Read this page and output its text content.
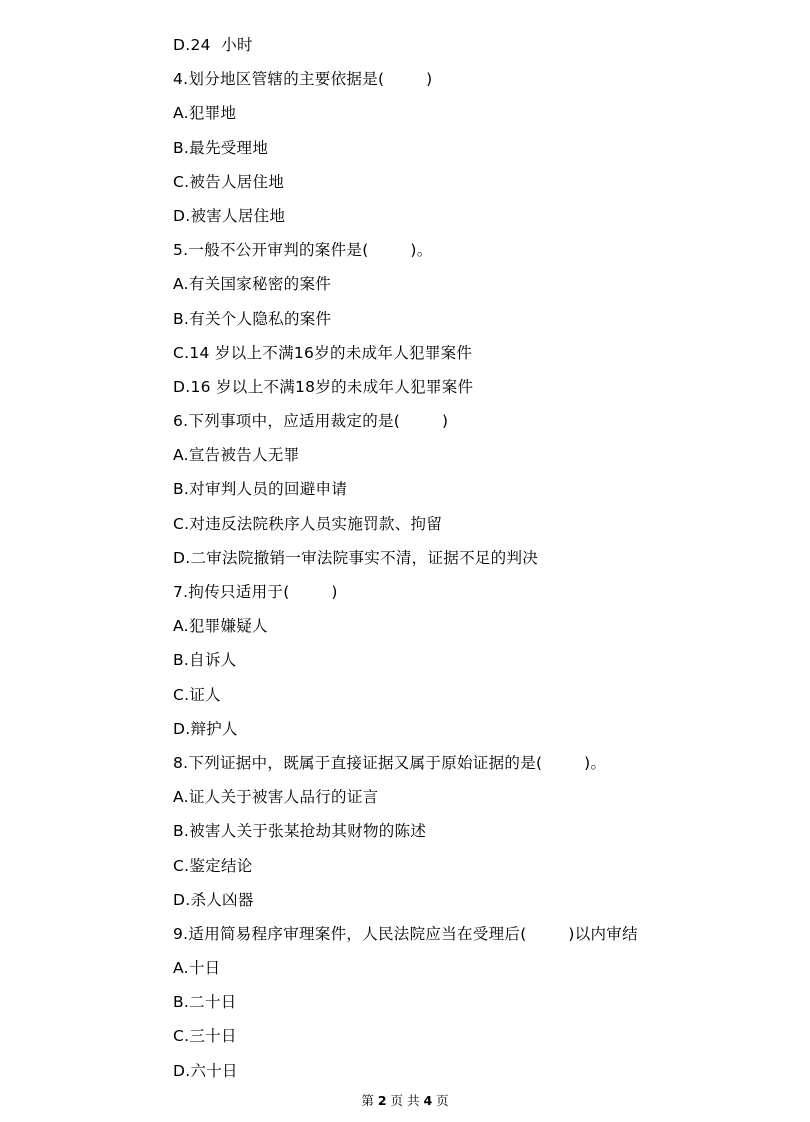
D.24  小时
4.划分地区管辖的主要依据是(        )
A.犯罪地
B.最先受理地
C.被告人居住地
D.被害人居住地
5.一般不公开审判的案件是(        )。
A.有关国家秘密的案件
B.有关个人隐私的案件
C.14 岁以上不满16岁的未成年人犯罪案件
D.16 岁以上不满18岁的未成年人犯罪案件
6.下列事项中，应适用裁定的是(        )
A.宣告被告人无罪
B.对审判人员的回避申请
C.对违反法院秩序人员实施罚款、拘留
D.二审法院撤销一审法院事实不清，证据不足的判决
7.拘传只适用于(        )
A.犯罪嫌疑人
B.自诉人
C.证人
D.辩护人
8.下列证据中，既属于直接证据又属于原始证据的是(        )。
A.证人关于被害人品行的证言
B.被害人关于张某抢劫其财物的陈述
C.鉴定结论
D.杀人凶器
9.适用简易程序审理案件，人民法院应当在受理后(        )以内审结
A.十日
B.二十日
C.三十日
D.六十日
第 2 页 共 4 页
